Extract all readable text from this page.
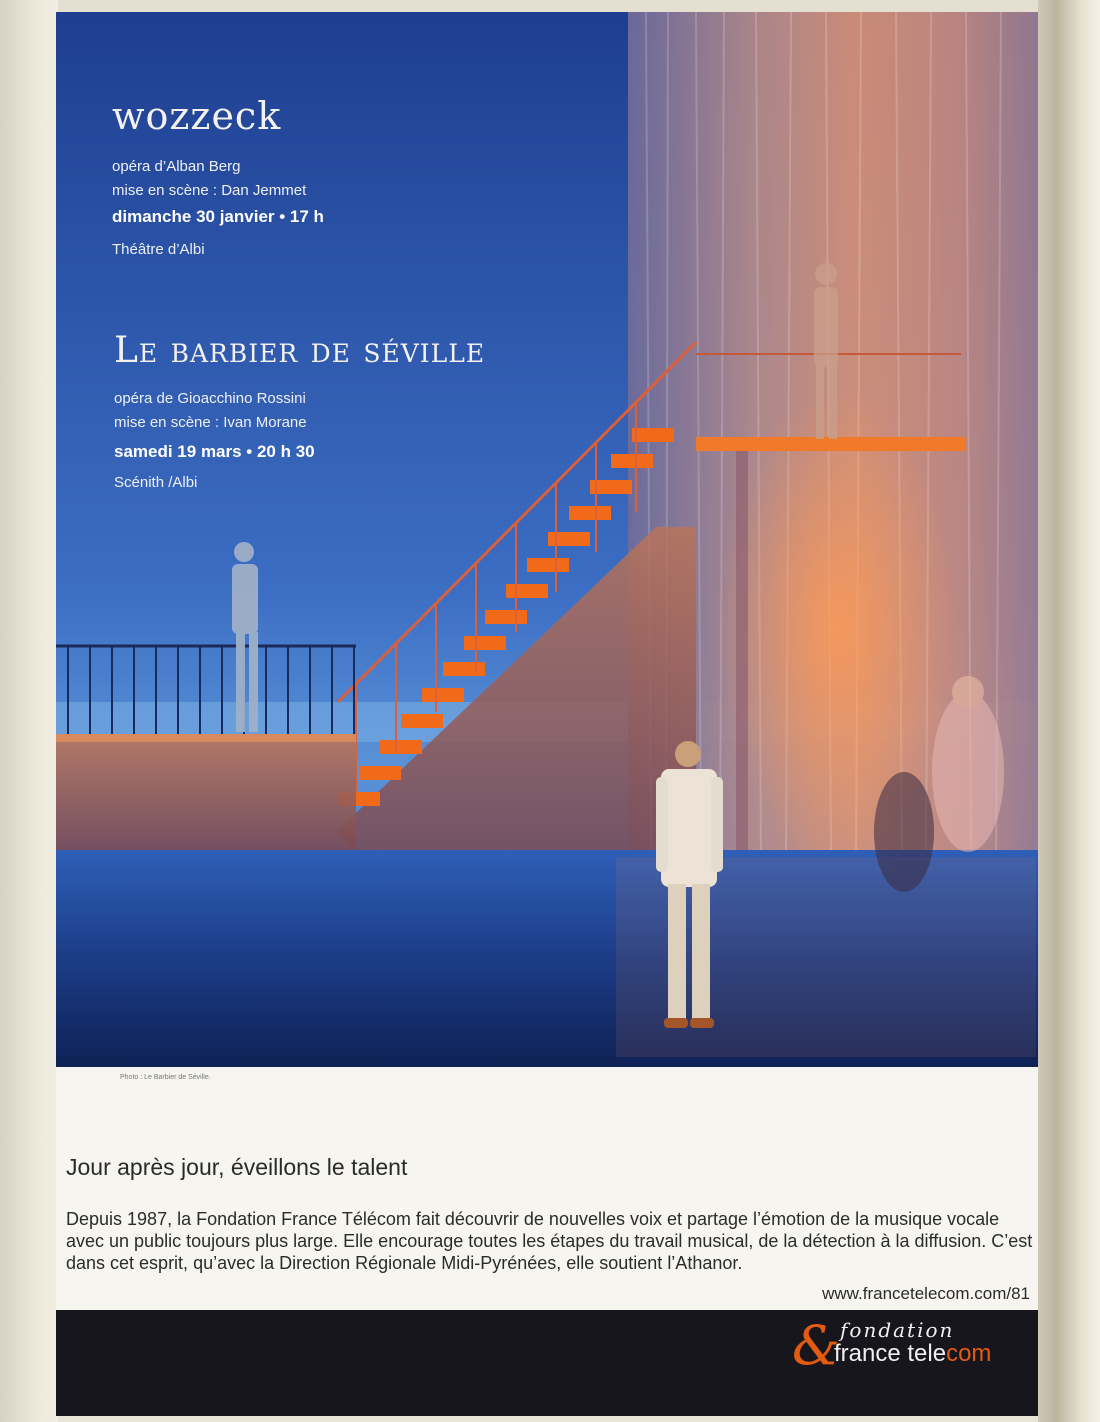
wozzeck
opéra d’Alban Berg
mise en scène : Dan Jemmet
dimanche 30 janvier • 17 h
Théâtre d’Albi
Le barbier de séville
opéra de Gioacchino Rossini
mise en scène : Ivan Morane
samedi 19 mars • 20 h 30
Scénith /Albi
Photo : Le Barbier de Séville.
Jour après jour, éveillons le talent
Depuis 1987, la Fondation France Télécom fait découvrir de nouvelles voix et partage l’émotion de la musique vocale avec un public toujours plus large. Elle encourage toutes les étapes du travail musical, de la détection à la diffusion. C’est dans cet esprit, qu’avec la Direction Régionale Midi-Pyrénées, elle soutient l’Athanor.
www.francetelecom.com/81
& fondation
france telecom
